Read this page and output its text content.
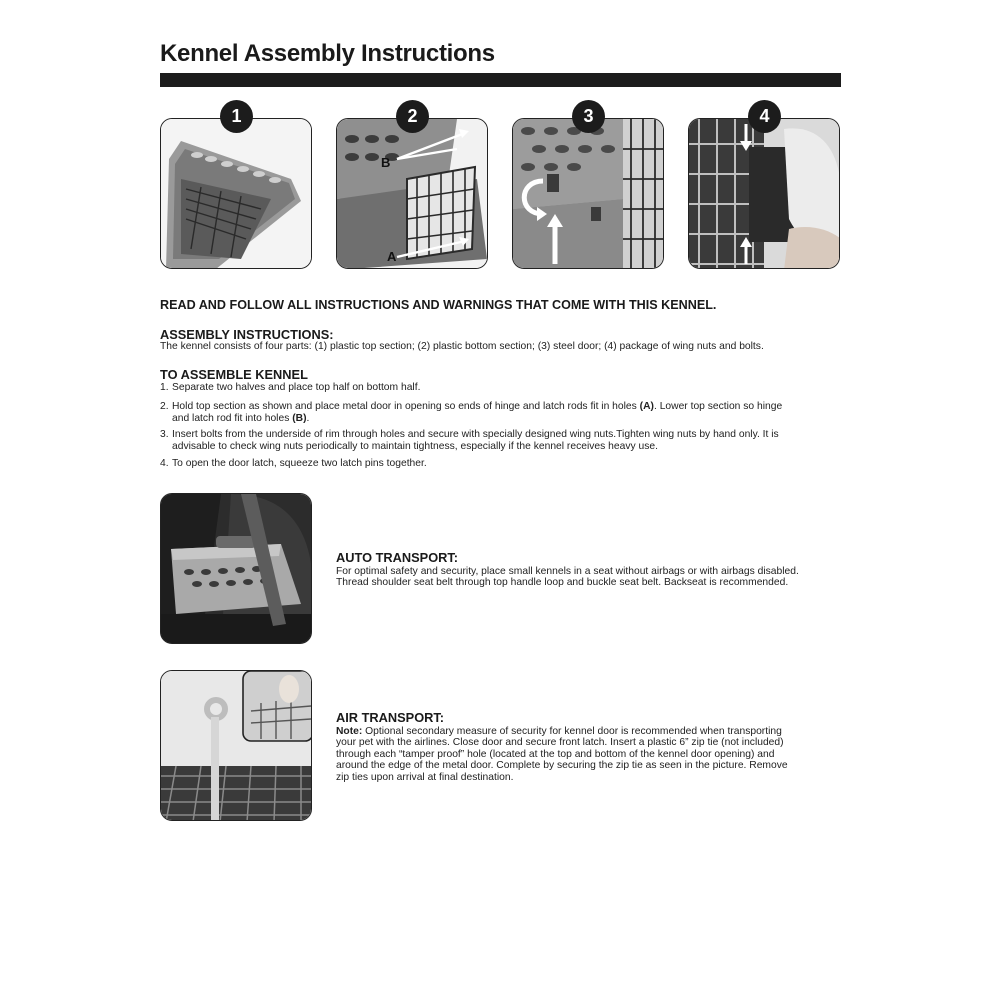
Kennel Assembly Instructions
1	2	3	4
B
A
READ AND FOLLOW ALL INSTRUCTIONS AND WARNINGS THAT COME WITH THIS KENNEL.
ASSEMBLY INSTRUCTIONS:
The kennel consists of four parts: (1) plastic top section; (2) plastic bottom section; (3) steel door; (4) package of wing nuts and bolts.
TO ASSEMBLE KENNEL
1. Separate two halves and place top half on bottom half.
2. Hold top section as shown and place metal door in opening so ends of hinge and latch rods fit in holes (A). Lower top section so hinge
and latch rod fit into holes (B).
3. Insert bolts from the underside of rim through holes and secure with specially designed wing nuts.Tighten wing nuts by hand only. It is
advisable to check wing nuts periodically to maintain tightness, especially if the kennel receives heavy use.
4. To open the door latch, squeeze two latch pins together.
AUTO TRANSPORT:
For optimal safety and security, place small kennels in a seat without airbags or with airbags disabled.
Thread shoulder seat belt through top handle loop and buckle seat belt. Backseat is recommended.
AIR TRANSPORT:
Note: Optional secondary measure of security for kennel door is recommended when transporting
your pet with the airlines. Close door and secure front latch. Insert a plastic 6” zip tie (not included)
through each “tamper proof” hole (located at the top and bottom of the kennel door opening) and
around the edge of the metal door. Complete by securing the zip tie as seen in the picture. Remove
zip ties upon arrival at final destination.
